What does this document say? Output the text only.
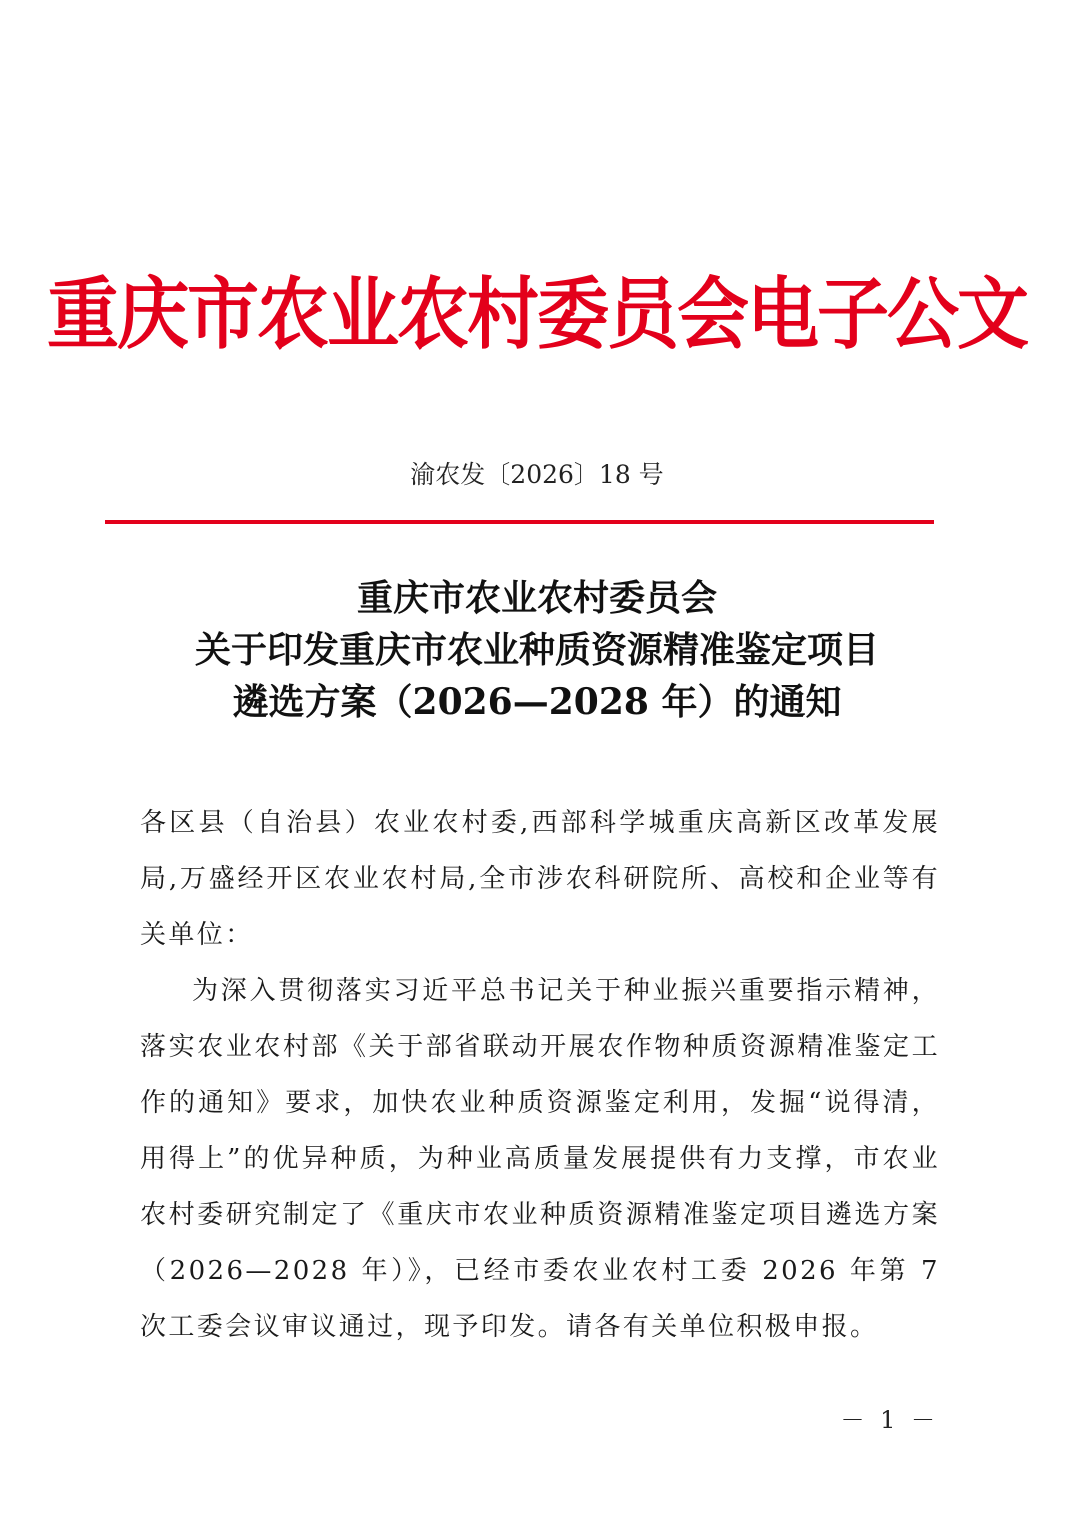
重庆市农业农村委员会电子公文
渝农发〔2026〕18 号
重庆市农业农村委员会
关于印发重庆市农业种质资源精准鉴定项目
遴选方案（2026—2028 年）的通知

各区县（自治县）农业农村委,西部科学城重庆高新区改革发展局,万盛经开区农业农村局,全市涉农科研院所、高校和企业等有关单位：

为深入贯彻落实习近平总书记关于种业振兴重要指示精神，落实农业农村部《关于部省联动开展农作物种质资源精准鉴定工作的通知》要求，加快农业种质资源鉴定利用，发掘“说得清，用得上”的优异种质，为种业高质量发展提供有力支撑，市农业农村委研究制定了《重庆市农业种质资源精准鉴定项目遴选方案（2026—2028 年）》，已经市委农业农村工委 2026 年第 7 次工委会议审议通过，现予印发。请各有关单位积极申报。

－ 1 －
